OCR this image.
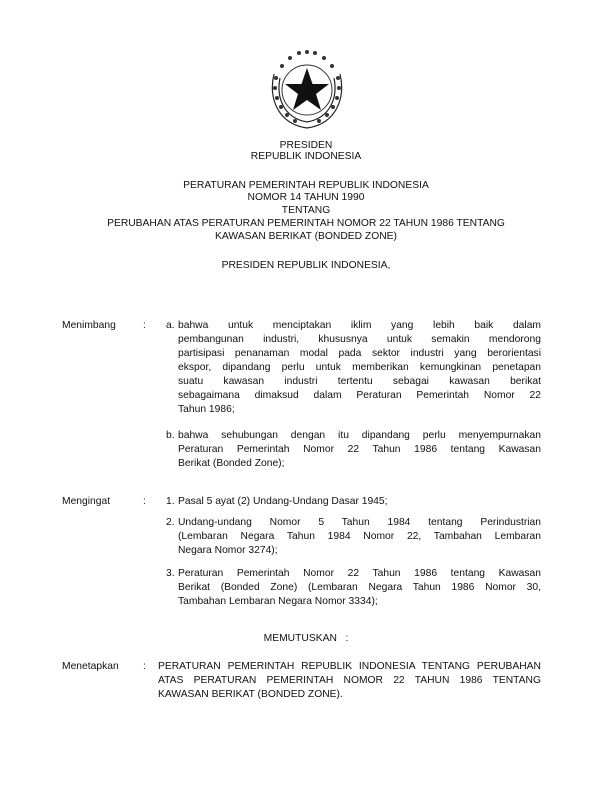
PRESIDEN
REPUBLIK INDONESIA
PERATURAN PEMERINTAH REPUBLIK INDONESIA
NOMOR 14 TAHUN 1990
TENTANG
PERUBAHAN ATAS PERATURAN PEMERINTAH NOMOR 22 TAHUN 1986 TENTANG
KAWASAN BERIKAT (BONDED ZONE)
PRESIDEN REPUBLIK INDONESIA,
Menimbang	: a. bahwa untuk menciptakan iklim yang lebih baik dalam
pembangunan industri, khususnya untuk semakin mendorong
partisipasi penanaman modal pada sektor industri yang berorientasi
ekspor, dipandang perlu untuk memberikan kemungkinan penetapan
suatu kawasan industri tertentu sebagai kawasan berikat
sebagaimana dimaksud dalam Peraturan Pemerintah Nomor 22
Tahun 1986;
b. bahwa sehubungan dengan itu dipandang perlu menyempurnakan
Peraturan Pemerintah Nomor 22 Tahun 1986 tentang Kawasan
Berikat (Bonded Zone);
Mengingat	: 1. Pasal 5 ayat (2) Undang-Undang Dasar 1945;
2. Undang-undang Nomor 5 Tahun 1984 tentang Perindustrian
(Lembaran Negara Tahun 1984 Nomor 22, Tambahan Lembaran
Negara Nomor 3274);
3. Peraturan Pemerintah Nomor 22 Tahun 1986 tentang Kawasan
Berikat (Bonded Zone) (Lembaran Negara Tahun 1986 Nomor 30,
Tambahan Lembaran Negara Nomor 3334);
MEMUTUSKAN   :
Menetapkan : PERATURAN PEMERINTAH REPUBLIK INDONESIA TENTANG PERUBAHAN
ATAS PERATURAN PEMERINTAH NOMOR 22 TAHUN 1986 TENTANG
KAWASAN BERIKAT (BONDED ZONE).
